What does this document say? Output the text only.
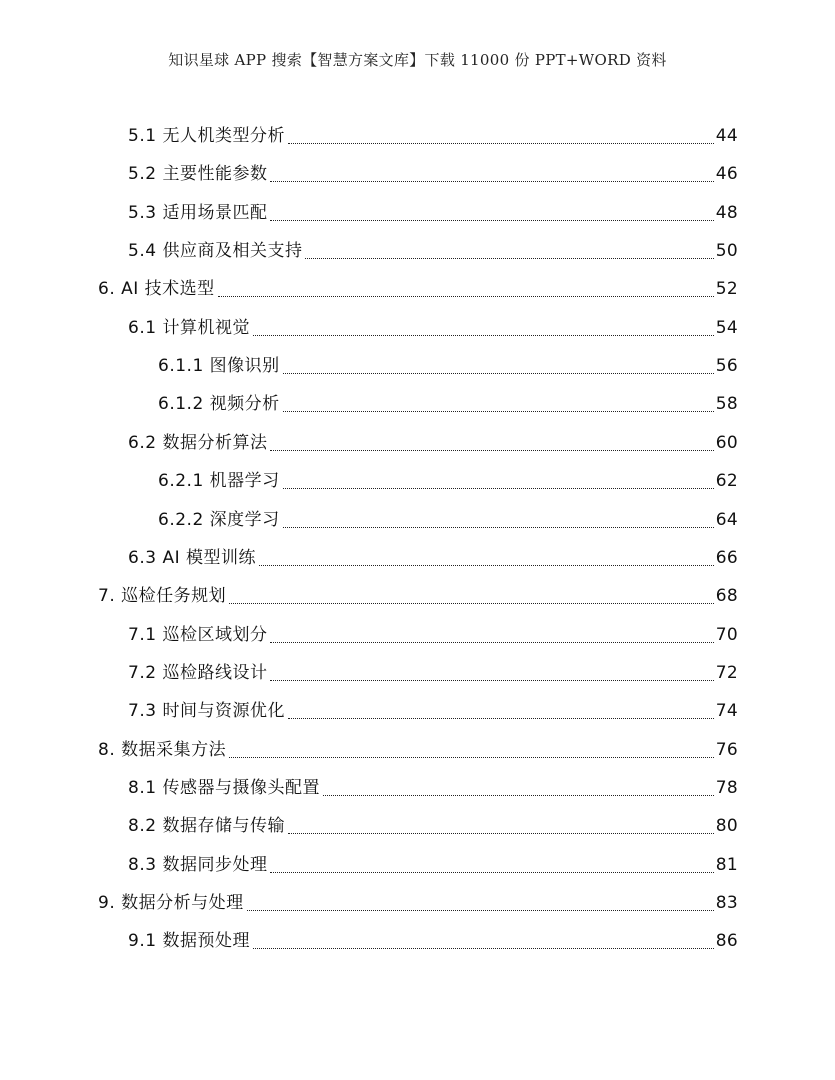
知识星球 APP 搜索【智慧方案文库】下载 11000 份 PPT+WORD 资料
5.1 无人机类型分析	44
5.2 主要性能参数	46
5.3 适用场景匹配	48
5.4 供应商及相关支持	50
6. AI 技术选型	52
6.1 计算机视觉	54
6.1.1 图像识别	56
6.1.2 视频分析	58
6.2 数据分析算法	60
6.2.1 机器学习	62
6.2.2 深度学习	64
6.3 AI 模型训练	66
7. 巡检任务规划	68
7.1 巡检区域划分	70
7.2 巡检路线设计	72
7.3 时间与资源优化	74
8. 数据采集方法	76
8.1 传感器与摄像头配置	78
8.2 数据存储与传输	80
8.3 数据同步处理	81
9. 数据分析与处理	83
9.1 数据预处理	86
